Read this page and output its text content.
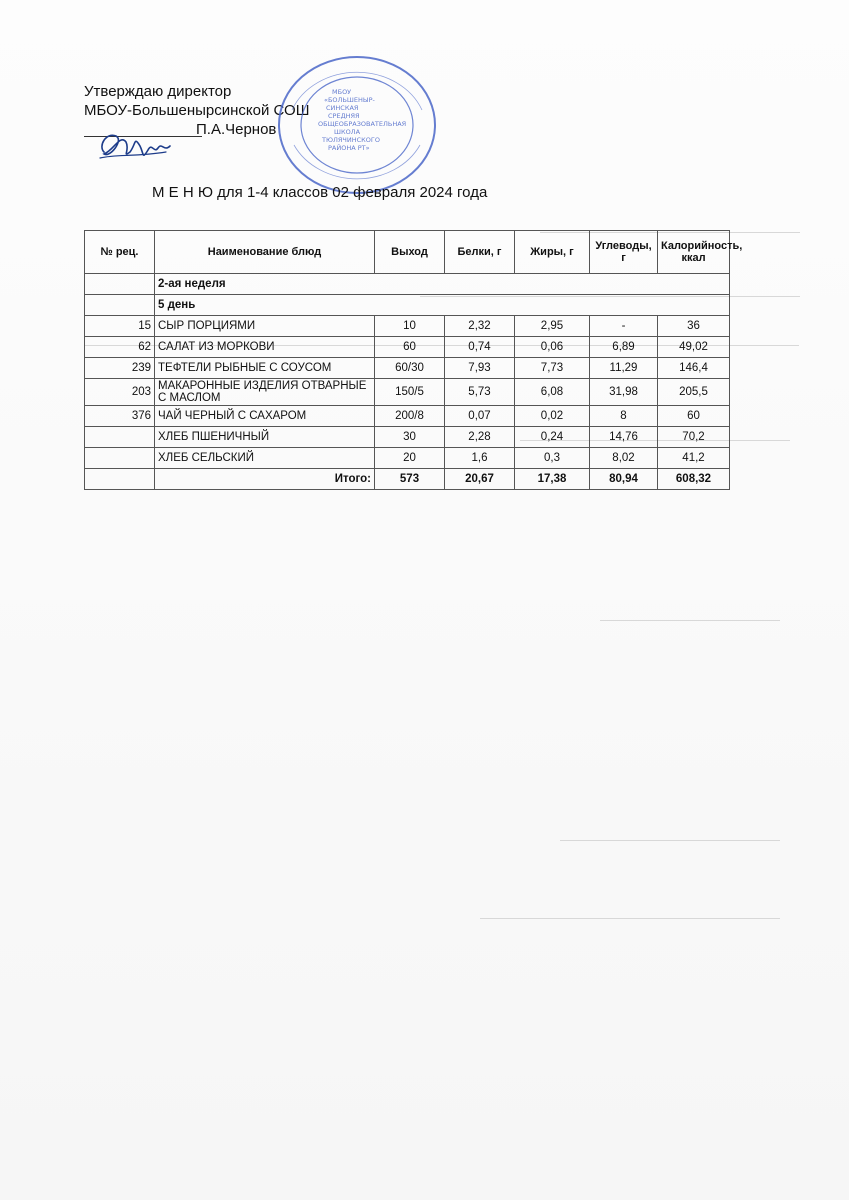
Утверждаю директор
МБОУ-Большенырсинской СОШ
П.А.Чернов
МБОУ
«БОЛЬШЕНЫР-
СИНСКАЯ
СРЕДНЯЯ
ОБЩЕОБРАЗОВАТЕЛЬНАЯ
ШКОЛА
ТЮЛЯЧИНСКОГО
РАЙОНА РТ»
М Е Н Ю для 1-4 классов 02 февраля 2024 года
№ рец.	Наименование блюд	Выход	Белки, г	Жиры, г	Углеводы, г	Калорийность, ккал
	2-ая неделя					
	5 день					
15	СЫР ПОРЦИЯМИ	10	2,32	2,95	-	36
62	САЛАТ ИЗ МОРКОВИ	60	0,74	0,06	6,89	49,02
239	ТЕФТЕЛИ РЫБНЫЕ С СОУСОМ	60/30	7,93	7,73	11,29	146,4
203	МАКАРОННЫЕ ИЗДЕЛИЯ ОТВАРНЫЕ С МАСЛОМ	150/5	5,73	6,08	31,98	205,5
376	ЧАЙ ЧЕРНЫЙ С САХАРОМ	200/8	0,07	0,02	8	60
	ХЛЕБ ПШЕНИЧНЫЙ	30	2,28	0,24	14,76	70,2
	ХЛЕБ СЕЛЬСКИЙ	20	1,6	0,3	8,02	41,2
	Итого:	573	20,67	17,38	80,94	608,32
